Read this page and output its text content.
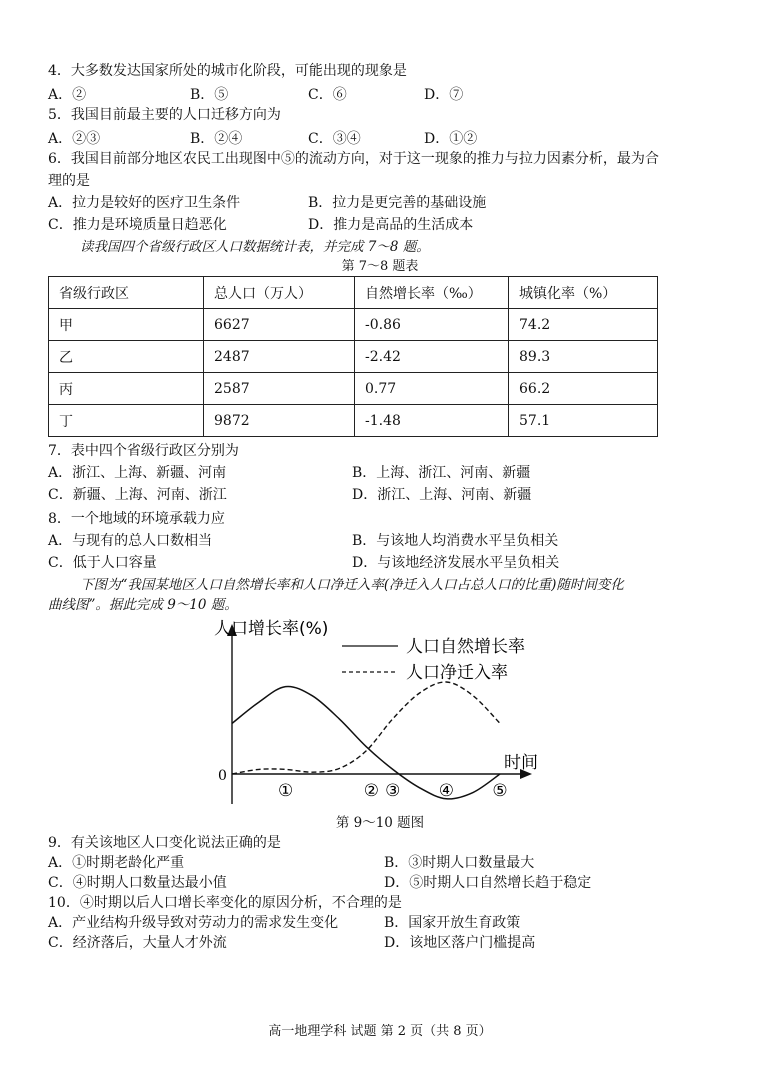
4．大多数发达国家所处的城市化阶段，可能出现的现象是
A．②	B．⑤	C．⑥	D．⑦
5．我国目前最主要的人口迁移方向为
A．②③	B．②④	C．③④	D．①②
6．我国目前部分地区农民工出现图中⑤的流动方向，对于这一现象的推力与拉力因素分析，最为合
理的是
A．拉力是较好的医疗卫生条件	B．拉力是更完善的基础设施
C．推力是环境质量日趋恶化	D．推力是高品的生活成本
读我国四个省级行政区人口数据统计表，并完成 7～8 题。
第 7～8 题表
省级行政区	总人口（万人）	自然增长率（‰）	城镇化率（%）
甲	6627	-0.86	74.2
乙	2487	-2.42	89.3
丙	2587	0.77	66.2
丁	9872	-1.48	57.1
7．表中四个省级行政区分别为
A．浙江、上海、新疆、河南	B．上海、浙江、河南、新疆
C．新疆、上海、河南、浙江	D．浙江、上海、河南、新疆
8．一个地域的环境承载力应
A．与现有的总人口数相当	B．与该地人均消费水平呈负相关
C．低于人口容量	D．与该地经济发展水平呈负相关
下图为“我国某地区人口自然增长率和人口净迁入率(净迁入人口占总人口的比重)随时间变化
曲线图”。据此完成 9～10 题。
人口增长率(%)
时间
0
人口自然增长率
人口净迁入率
①	② ③ ④ ⑤
第 9～10 题图
9．有关该地区人口变化说法正确的是
A．①时期老龄化严重	B．③时期人口数量最大
C．④时期人口数量达最小值	D．⑤时期人口自然增长趋于稳定
10．④时期以后人口增长率变化的原因分析，不合理的是
A．产业结构升级导致对劳动力的需求发生变化	B．国家开放生育政策
C．经济落后，大量人才外流	D．该地区落户门槛提高
高一地理学科 试题 第 2 页（共 8 页）
